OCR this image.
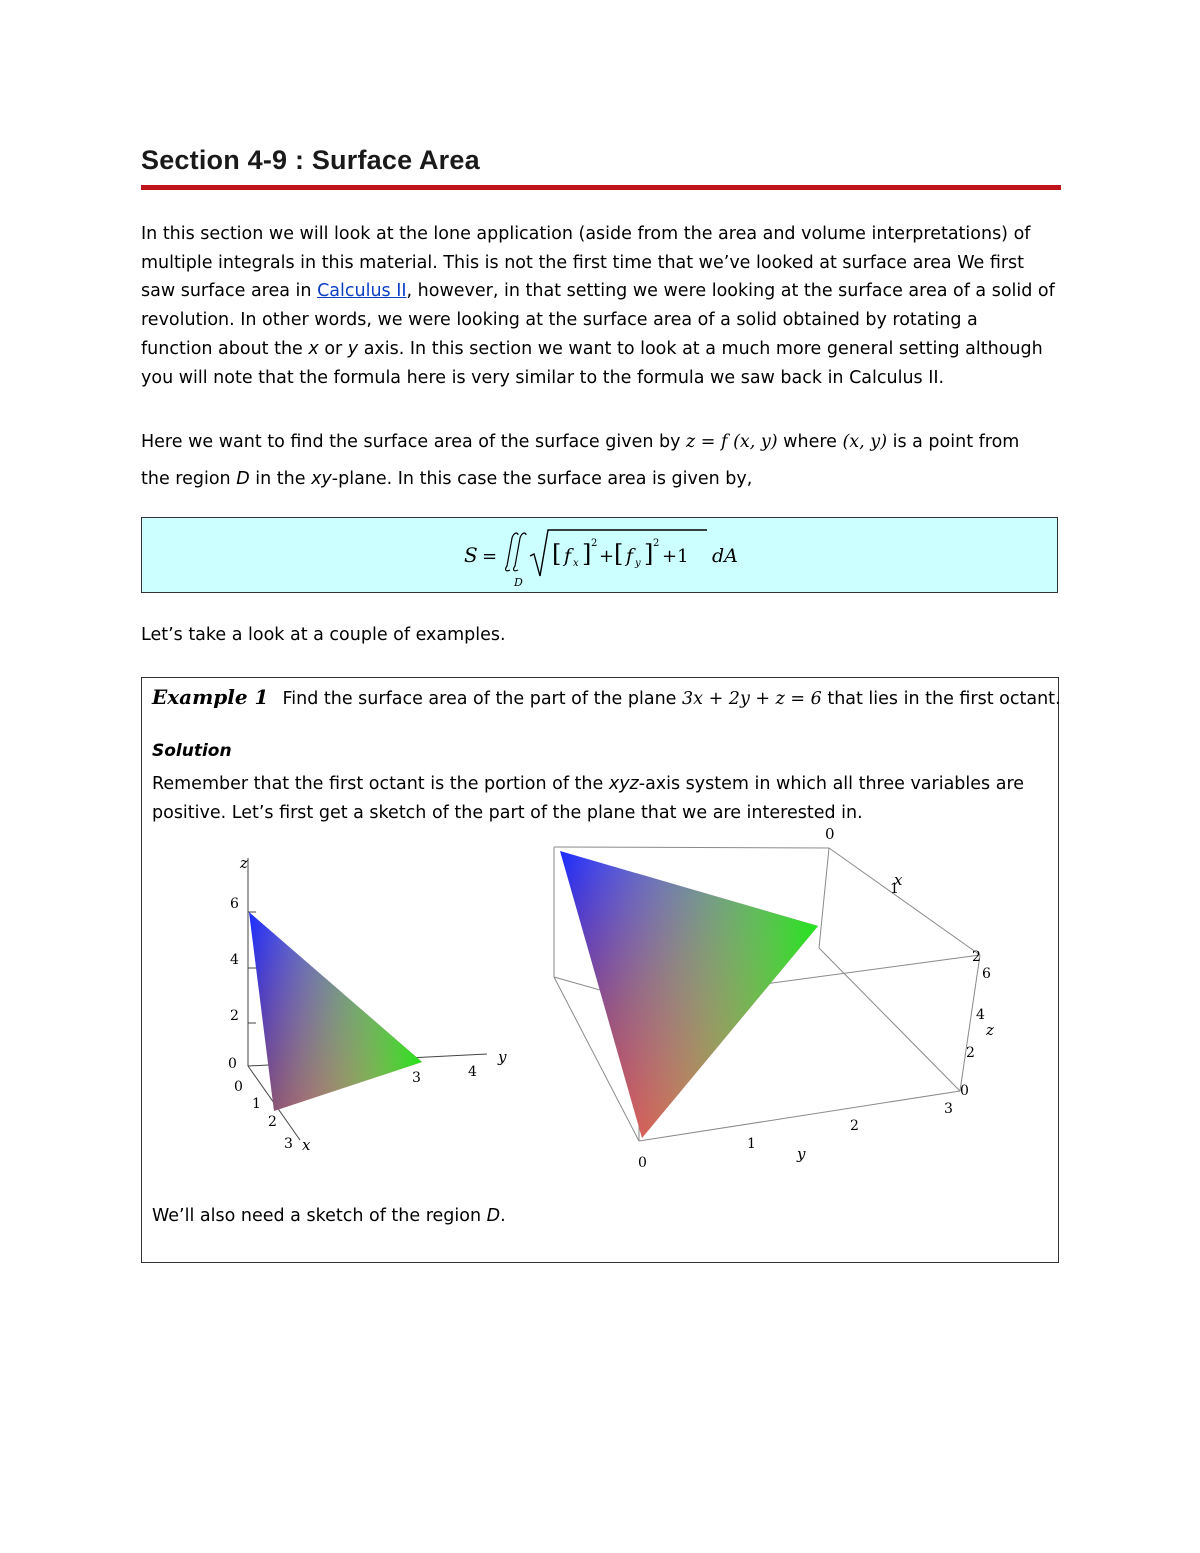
Section 4-9 : Surface Area
In this section we will look at the lone application (aside from the area and volume interpretations) of
multiple integrals in this material. This is not the first time that we’ve looked at surface area We first
saw surface area in Calculus II, however, in that setting we were looking at the surface area of a solid of
revolution. In other words, we were looking at the surface area of a solid obtained by rotating a
function about the x or y axis. In this section we want to look at a much more general setting although
you will note that the formula here is very similar to the formula we saw back in Calculus II.
Here we want to find the surface area of the surface given by z = f (x, y) where (x, y) is a point from
the region D in the xy-plane. In this case the surface area is given by,
S =
D
[ f x ] 2
+ [ f y ] 2
+1 dA
Let’s take a look at a couple of examples.
Example 1 Find the surface area of the part of the plane 3x + 2y + z = 6 that lies in the first octant.
Solution
Remember that the first octant is the portion of the xyz-axis system in which all three variables are
positive. Let’s first get a sketch of the part of the plane that we are interested in.
z
6
4
2
0
3	4
y
0
1
2
3 x
0
x
1
2
6
4
z
2
0
0
1
y
2
3
We’ll also need a sketch of the region D.
